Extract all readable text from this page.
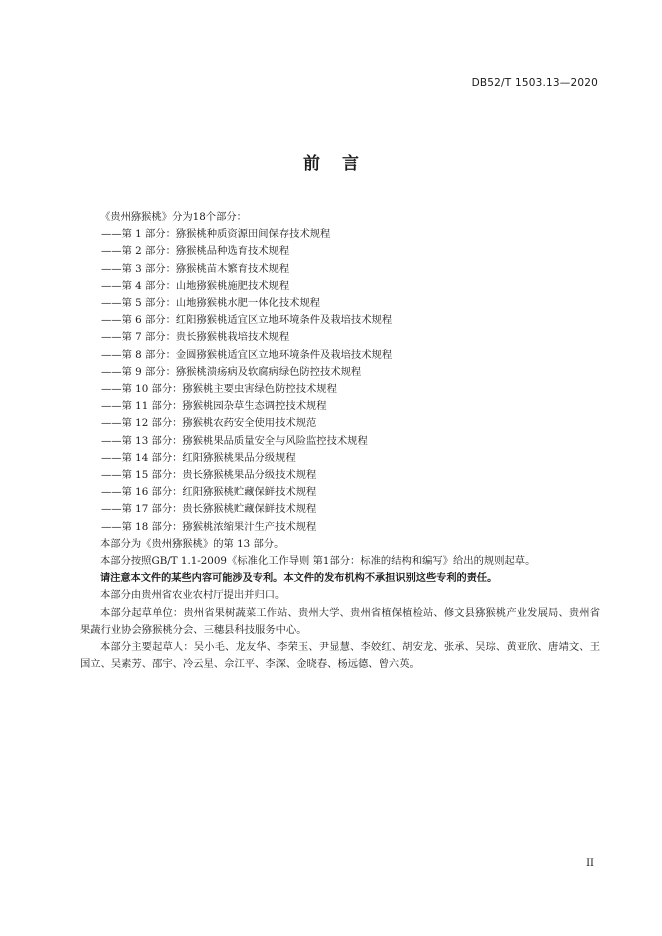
DB52/T 1503.13—2020
前言
《贵州猕猴桃》分为18个部分：
——第 1 部分：猕猴桃种质资源田间保存技术规程
——第 2 部分：猕猴桃品种选育技术规程
——第 3 部分：猕猴桃苗木繁育技术规程
——第 4 部分：山地猕猴桃施肥技术规程
——第 5 部分：山地猕猴桃水肥一体化技术规程
——第 6 部分：红阳猕猴桃适宜区立地环境条件及栽培技术规程
——第 7 部分：贵长猕猴桃栽培技术规程
——第 8 部分：金圆猕猴桃适宜区立地环境条件及栽培技术规程
——第 9 部分：猕猴桃溃疡病及软腐病绿色防控技术规程
——第 10 部分：猕猴桃主要虫害绿色防控技术规程
——第 11 部分：猕猴桃园杂草生态调控技术规程
——第 12 部分：猕猴桃农药安全使用技术规范
——第 13 部分：猕猴桃果品质量安全与风险监控技术规程
——第 14 部分：红阳猕猴桃果品分级规程
——第 15 部分：贵长猕猴桃果品分级技术规程
——第 16 部分：红阳猕猴桃贮藏保鲜技术规程
——第 17 部分：贵长猕猴桃贮藏保鲜技术规程
——第 18 部分：猕猴桃浓缩果汁生产技术规程
本部分为《贵州猕猴桃》的第 13 部分。
本部分按照GB/T 1.1-2009《标准化工作导则 第1部分：标准的结构和编写》给出的规则起草。
请注意本文件的某些内容可能涉及专利。本文件的发布机构不承担识别这些专利的责任。
本部分由贵州省农业农村厅提出并归口。

本部分起草单位：贵州省果树蔬菜工作站、贵州大学、贵州省植保植检站、修文县猕猴桃产业发展局、贵州省果蔬行业协会猕猴桃分会、三穗县科技服务中心。

本部分主要起草人：吴小毛、龙友华、李荣玉、尹显慧、李姣红、胡安龙、张承、吴琮、黄亚欣、唐靖文、王国立、吴素芳、邵宇、冷云星、佘江平、李深、金晓春、杨远德、曾六英。

II
